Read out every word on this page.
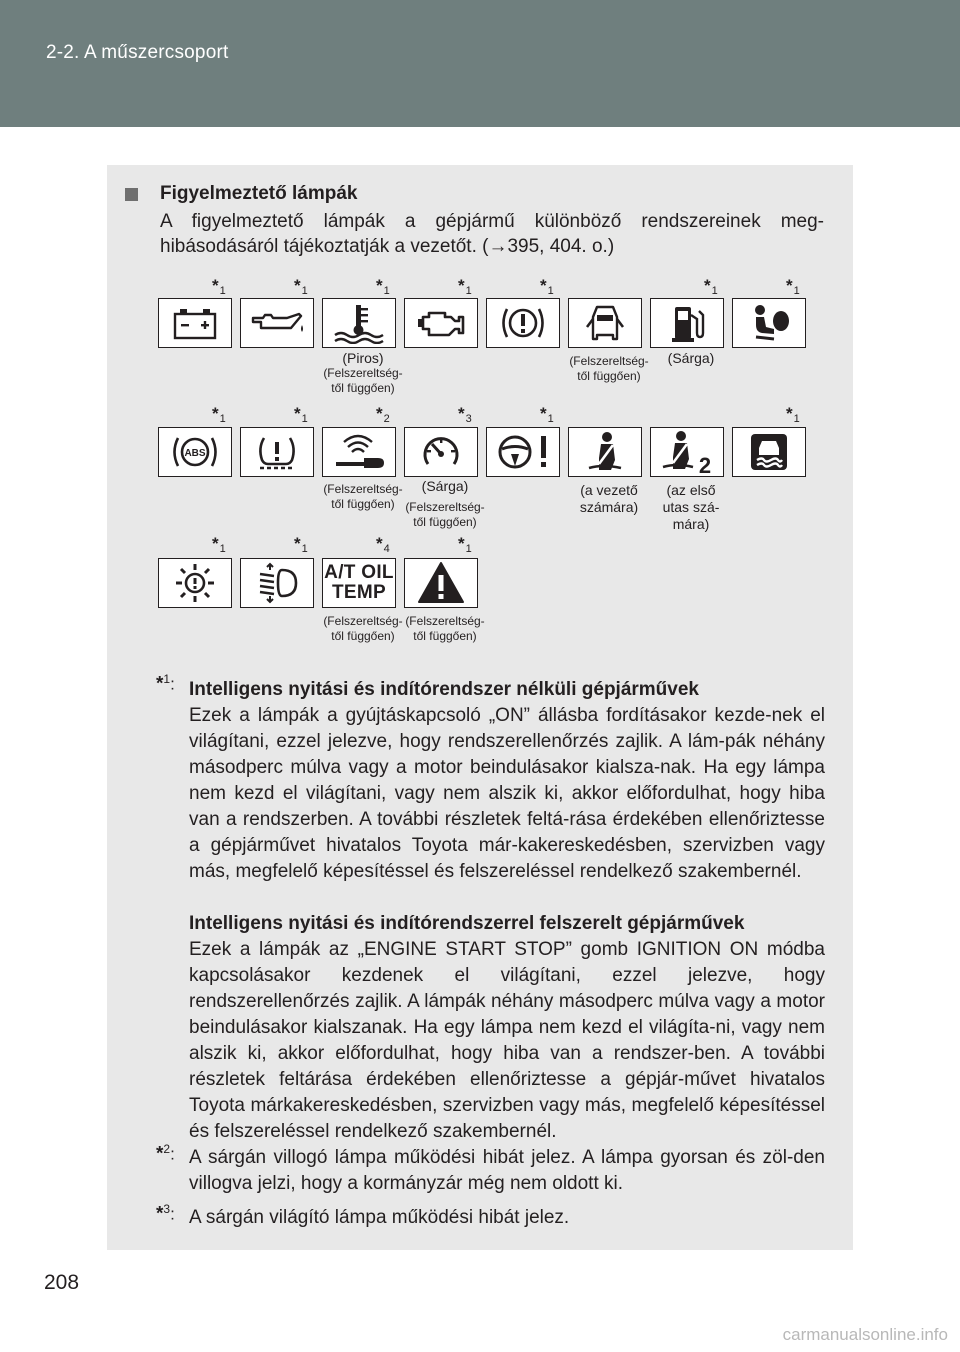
2-2. A műszercsoport
Figyelmeztető lámpák
A figyelmeztető lámpák a gépjármű különböző rendszereinek meg-hibásodásáról tájékoztatják a vezetőt. (→395, 404. o.)
$*_1$	$*_1$	$*_1$	$*_1$	$*_1$	$*_1$	$*_1$
(Piros)
(Felszereltség-
től függően)
(Felszereltség-
től függően)
(Sárga)
$*_1$	$*_1$	$*_2$	$*_3$	$*_1$	$*_1$
ABS	2
(Felszereltség-
től függően)
(Sárga)
(Felszereltség-
től függően)
(a vezető
számára)
(az első
utas szá-
mára)
$*_1$	$*_1$	$*_4$	$*_1$
A/T OIL
TEMP
(Felszereltség-
től függően)
(Felszereltség-
től függően)
*$^1$: Intelligens nyitási és indítórendszer nélküli gépjárművek
Ezek a lámpák a gyújtáskapcsoló „ON” állásba fordításakor kezde-nek el világítani, ezzel jelezve, hogy rendszerellenőrzés zajlik. A lám-pák néhány másodperc múlva vagy a motor beindulásakor kialsza-nak. Ha egy lámpa nem kezd el világítani, vagy nem alszik ki, akkor előfordulhat, hogy hiba van a rendszerben. A további részletek feltá-rása érdekében ellenőriztesse a gépjárművet hivatalos Toyota már-kakereskedésben, szervizben vagy más, megfelelő képesítéssel és felszereléssel rendelkező szakembernél.
Intelligens nyitási és indítórendszerrel felszerelt gépjárművek
Ezek a lámpák az „ENGINE START STOP” gomb IGNITION ON módba kapcsolásakor kezdenek el világítani, ezzel jelezve, hogy rendszerellenőrzés zajlik. A lámpák néhány másodperc múlva vagy a motor beindulásakor kialszanak. Ha egy lámpa nem kezd el világíta-ni, vagy nem alszik ki, akkor előfordulhat, hogy hiba van a rendszer-ben. A további részletek feltárása érdekében ellenőriztesse a gépjár-művet hivatalos Toyota márkakereskedésben, szervizben vagy más, megfelelő képesítéssel és felszereléssel rendelkező szakembernél.
*$^2$: A sárgán villogó lámpa működési hibát jelez. A lámpa gyorsan és zöl-den villogva jelzi, hogy a kormányzár még nem oldott ki.
*$^3$: A sárgán világító lámpa működési hibát jelez.
208
carmanualsonline.info
